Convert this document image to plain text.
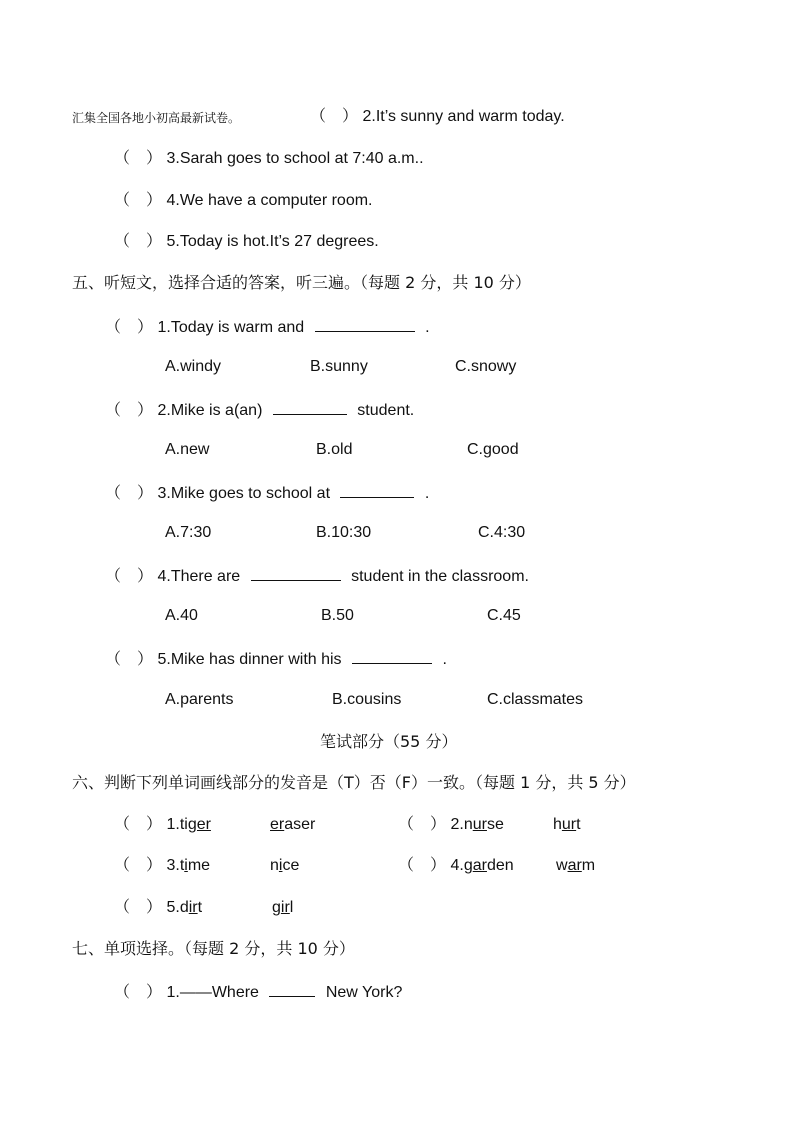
汇集全国各地小初高最新试卷。	（　） 2.It’s sunny and warm today.
（　） 3.Sarah goes to school at 7:40 a.m..
（　） 4.We have a computer room.
（　） 5.Today is hot.It’s 27 degrees.
五、听短文，选择合适的答案，听三遍。（每题 2 分，共 10 分）
（　） 1.Today is warm and	.
A.windy	B.sunny	C.snowy
（　） 2.Mike is a(an)	student.
A.new	B.old	C.good
（　） 3.Mike goes to school at	.
A.7:30	B.10:30	C.4:30
（　） 4.There are	student in the classroom.
A.40	B.50	C.45
（　） 5.Mike has dinner with his	.
A.parents	B.cousins	C.classmates
笔试部分（55 分）
六、判断下列单词画线部分的发音是（T）否（F）一致。（每题 1 分，共 5 分）
（　） 1.tiger	eraser	（　） 2.nurse	hurt
（　） 3.time	nice	（　） 4.garden	warm
（　） 5.dirt	girl
七、单项选择。（每题 2 分，共 10 分）
（　） 1.——Where	New York?
